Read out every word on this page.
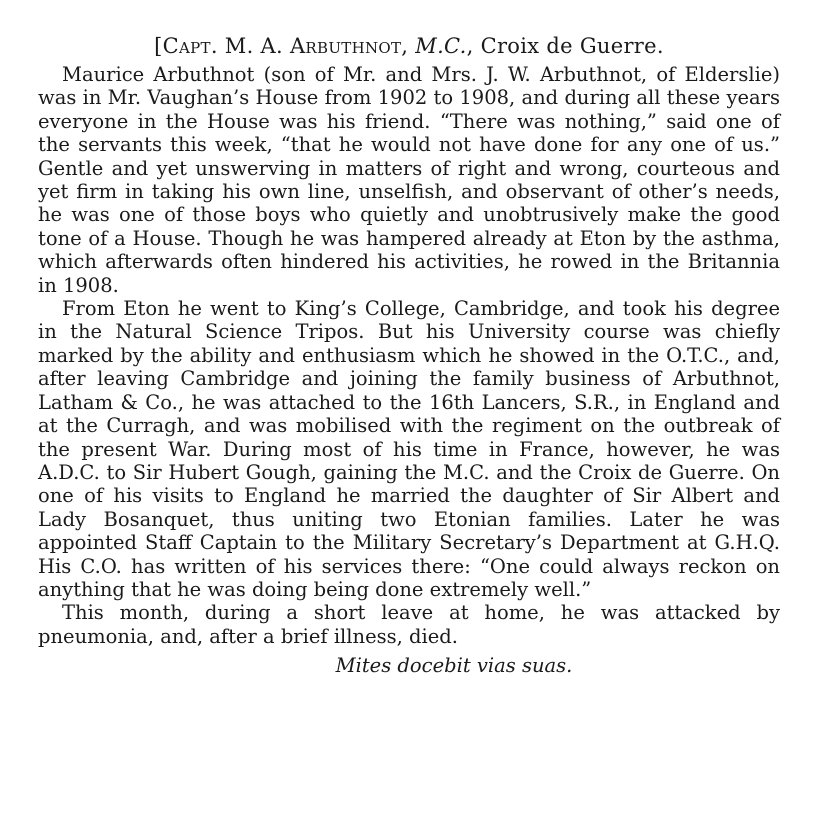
[Capt. M. A. Arbuthnot, M.C., Croix de Guerre.

Maurice Arbuthnot (son of Mr. and Mrs. J. W. Arbuthnot, of Elderslie) was in Mr. Vaughan’s House from 1902 to 1908, and during all these years everyone in the House was his friend. “There was nothing,” said one of the servants this week, “that he would not have done for any one of us.” Gentle and yet unswerving in matters of right and wrong, courteous and yet firm in taking his own line, unselfish, and observant of other’s needs, he was one of those boys who quietly and unobtrusively make the good tone of a House. Though he was hampered already at Eton by the asthma, which afterwards often hindered his activities, he rowed in the Britannia in 1908.

From Eton he went to King’s College, Cambridge, and took his degree in the Natural Science Tripos. But his University course was chiefly marked by the ability and enthusiasm which he showed in the O.T.C., and, after leaving Cambridge and joining the family business of Arbuthnot, Latham & Co., he was attached to the 16th Lancers, S.R., in England and at the Curragh, and was mobilised with the regiment on the outbreak of the present War. During most of his time in France, however, he was A.D.C. to Sir Hubert Gough, gaining the M.C. and the Croix de Guerre. On one of his visits to England he married the daughter of Sir Albert and Lady Bosanquet, thus uniting two Etonian families. Later he was appointed Staff Captain to the Military Secretary’s Department at G.H.Q. His C.O. has written of his services there: “One could always reckon on anything that he was doing being done extremely well.”

This month, during a short leave at home, he was attacked by pneumonia, and, after a brief illness, died.

Mites docebit vias suas.
